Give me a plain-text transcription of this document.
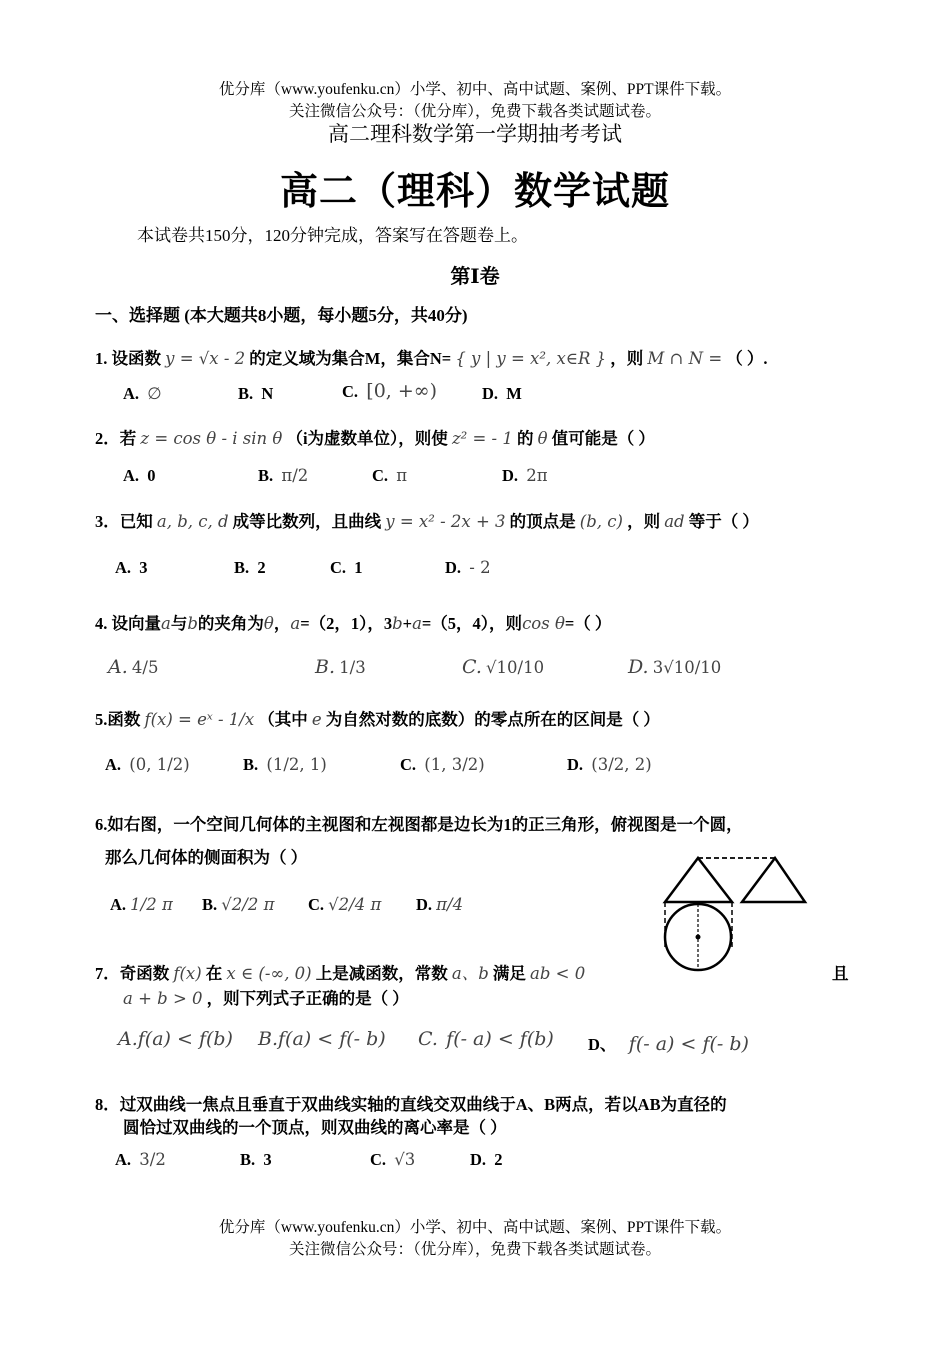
优分库（www.youfenku.cn）小学、初中、高中试题、案例、PPT课件下载。
关注微信公众号：（优分库），免费下载各类试题试卷。
高二理科数学第一学期抽考考试
高二（理科）数学试题
本试卷共150分，120分钟完成，答案写在答题卷上。
第Ⅰ卷
一、选择题 (本大题共8小题，每小题5分，共40分)
1. 设函数 y = √x - 2 的定义域为集合M，集合N= { y | y = x², x∈R } ，则 M ∩ N = （ ）.
A. ∅	B. N	C. [0, +∞)	D. M
2．若 z = cos θ - i sin θ （i为虚数单位），则使 z² = - 1 的 θ 值可能是（ ）
A. 0	B. π/2	C. π	D. 2π
3．已知 a, b, c, d 成等比数列，且曲线 y = x² - 2x + 3 的顶点是 (b, c) ，则 ad 等于（ ）
A. 3	B. 2	C. 1	D. - 2
4. 设向量a与b的夹角为θ，a=（2，1），3b+a=（5，4），则cos θ=（ ）
A. 4/5	B. 1/3	C. √10/10	D. 3√10/10
5.函数 f(x) = eˣ - 1/x （其中 e 为自然对数的底数）的零点所在的区间是（ ）
A. (0, 1/2)	B. (1/2, 1)	C. (1, 3/2)	D. (3/2, 2)
6.如右图，一个空间几何体的主视图和左视图都是边长为1的正三角形，俯视图是一个圆，
那么几何体的侧面积为（ ）
A. 1/2 π B. √2/2 π C. √2/4 π D. π/4
7．奇函数 f(x) 在 x ∈ (-∞, 0) 上是减函数，常数 a、b 满足 ab < 0	且
a + b > 0 ，则下列式子正确的是（ ）
A.f(a) < f(b) B.f(a) < f(- b) C. f(- a) < f(b) D、 f(- a) < f(- b)
8．过双曲线一焦点且垂直于双曲线实轴的直线交双曲线于A、B两点，若以AB为直径的
圆恰过双曲线的一个顶点，则双曲线的离心率是（ ）
A. 3/2	B. 3	C. √3	D. 2
优分库（www.youfenku.cn）小学、初中、高中试题、案例、PPT课件下载。
关注微信公众号：（优分库），免费下载各类试题试卷。
